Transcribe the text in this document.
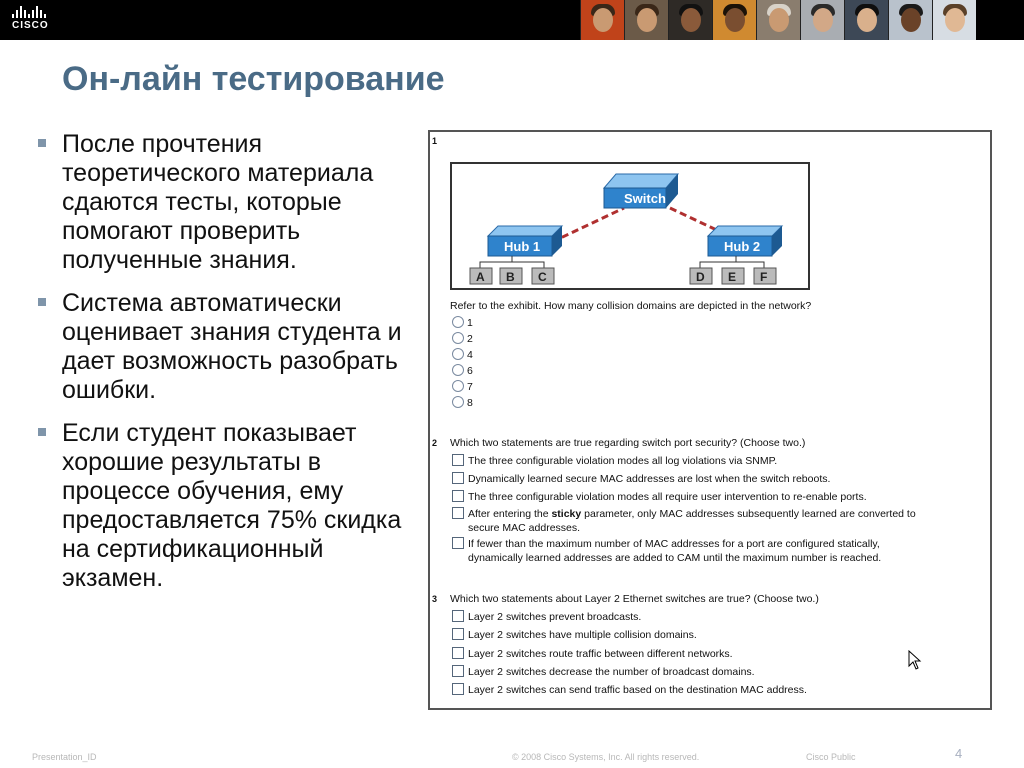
CISCO
Он-лайн тестирование
После прочтения теоретического материала сдаются тесты, которые помогают проверить полученные знания.
Система автоматически оценивает знания студента и дает возможность разобрать ошибки.
Если студент показывает хорошие результаты в процессе обучения, ему предоставляется 75% скидка на сертификационный экзамен.
1
Switch
Hub 1	Hub 2
A B C	D E F
Refer to the exhibit. How many collision domains are depicted in the network?
1
2
4
6
7
8
2 Which two statements are true regarding switch port security? (Choose two.)
The three configurable violation modes all log violations via SNMP.
Dynamically learned secure MAC addresses are lost when the switch reboots.
The three configurable violation modes all require user intervention to re-enable ports.
After entering the sticky parameter, only MAC addresses subsequently learned are converted to
secure MAC addresses.
If fewer than the maximum number of MAC addresses for a port are configured statically,
dynamically learned addresses are added to CAM until the maximum number is reached.
3 Which two statements about Layer 2 Ethernet switches are true? (Choose two.)
Layer 2 switches prevent broadcasts.
Layer 2 switches have multiple collision domains.
Layer 2 switches route traffic between different networks.
Layer 2 switches decrease the number of broadcast domains.
Layer 2 switches can send traffic based on the destination MAC address.
Presentation_ID	© 2008 Cisco Systems, Inc. All rights reserved.	Cisco Public	4
